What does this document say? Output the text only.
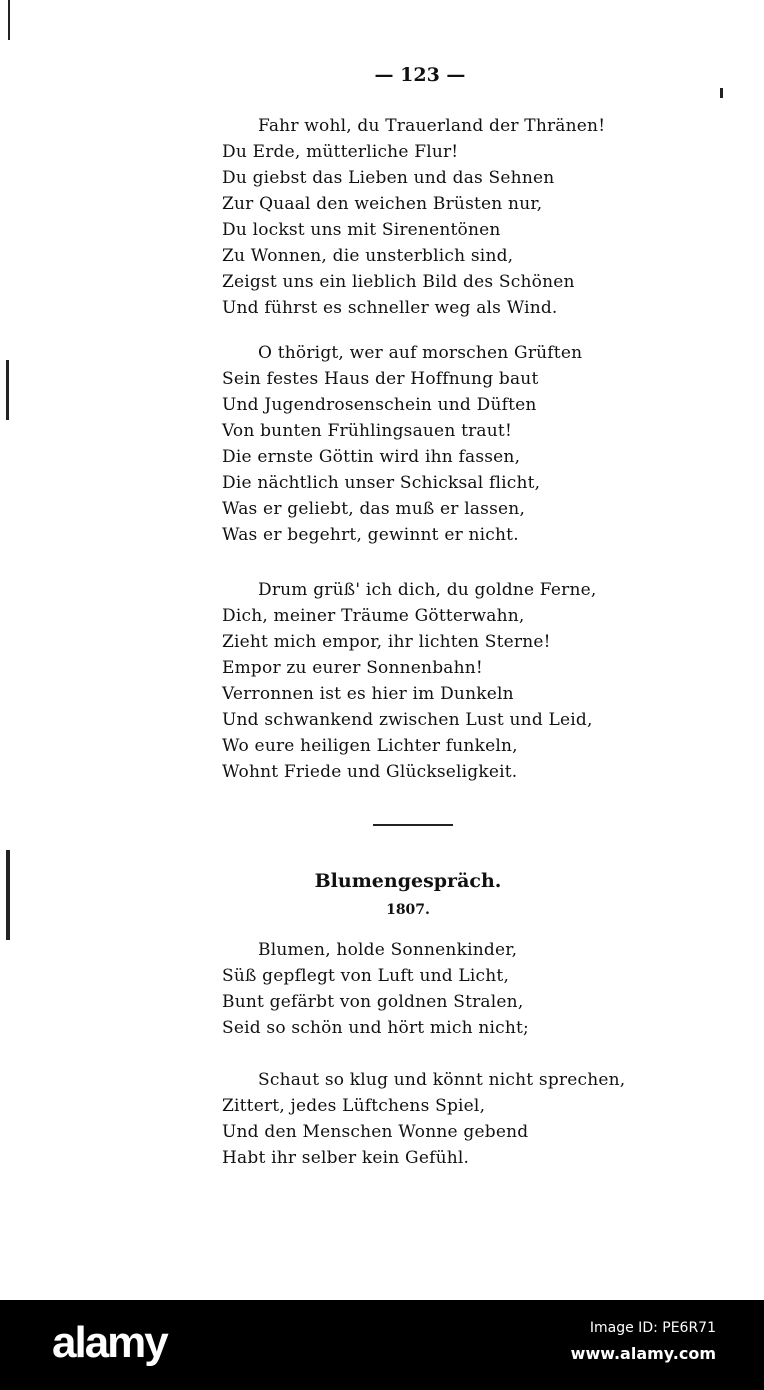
— 123 —
Fahr wohl, du Trauerland der Thränen!
Du Erde, mütterliche Flur!
Du giebst das Lieben und das Sehnen
Zur Quaal den weichen Brüsten nur,
Du lockst uns mit Sirenentönen
Zu Wonnen, die unsterblich sind,
Zeigst uns ein lieblich Bild des Schönen
Und führst es schneller weg als Wind.
O thörigt, wer auf morschen Grüften
Sein festes Haus der Hoffnung baut
Und Jugendrosenschein und Düften
Von bunten Frühlingsauen traut!
Die ernste Göttin wird ihn fassen,
Die nächtlich unser Schicksal flicht,
Was er geliebt, das muß er lassen,
Was er begehrt, gewinnt er nicht.
Drum grüß' ich dich, du goldne Ferne,
Dich, meiner Träume Götterwahn,
Zieht mich empor, ihr lichten Sterne!
Empor zu eurer Sonnenbahn!
Verronnen ist es hier im Dunkeln
Und schwankend zwischen Lust und Leid,
Wo eure heiligen Lichter funkeln,
Wohnt Friede und Glückseligkeit.
Blumengespräch.
1807.
Blumen, holde Sonnenkinder,
Süß gepflegt von Luft und Licht,
Bunt gefärbt von goldnen Stralen,
Seid so schön und hört mich nicht;
Schaut so klug und könnt nicht sprechen,
Zittert, jedes Lüftchens Spiel,
Und den Menschen Wonne gebend
Habt ihr selber kein Gefühl.
alamy	Image ID: PE6R71
www.alamy.com
